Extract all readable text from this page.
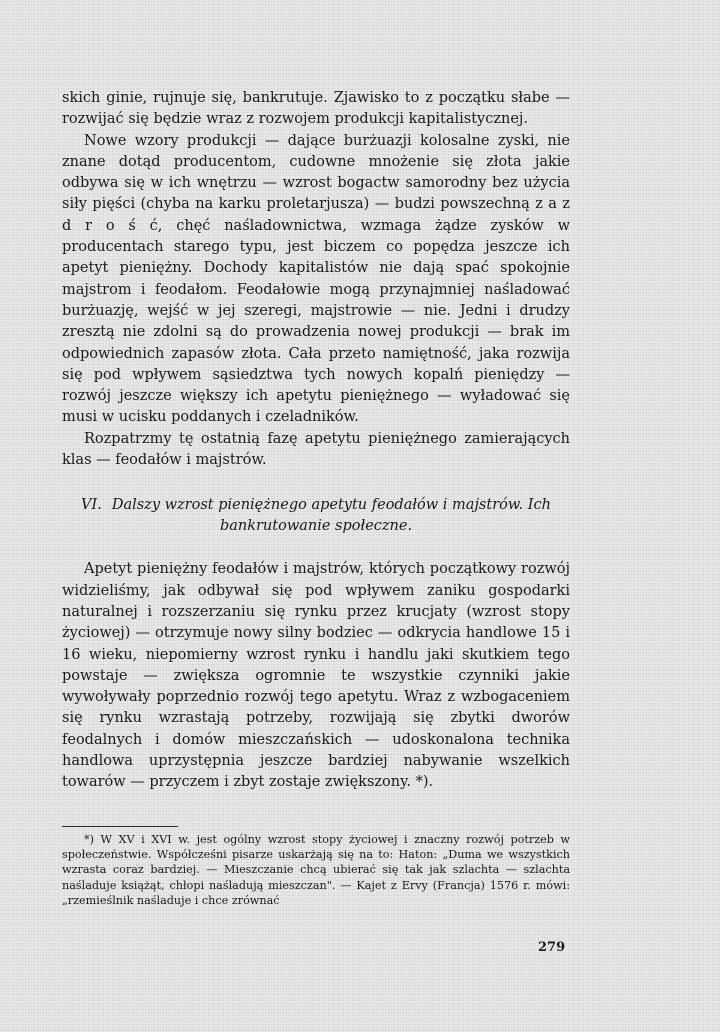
skich ginie, rujnuje się, bankrutuje. Zjawisko to z początku słabe — rozwijać się będzie wraz z rozwojem produkcji kapitalistycznej.

Nowe wzory produkcji — dające burżuazji kolosalne zyski, nie znane dotąd producentom, cudowne mnożenie się złota jakie odbywa się w ich wnętrzu — wzrost bogactw samorodny bez użycia siły pięści (chyba na karku proletarjusza) — budzi powszechną z a z d r o ś ć, chęć naśladownictwa, wzmaga żądze zysków w producentach starego typu, jest biczem co popędza jeszcze ich apetyt pieniężny. Dochody kapitalistów nie dają spać spokojnie majstrom i feodałom. Feodałowie mogą przynajmniej naśladować burżuazję, wejść w jej szeregi, majstrowie — nie. Jedni i drudzy zresztą nie zdolni są do prowadzenia nowej produkcji — brak im odpowiednich zapasów złota. Cała przeto namiętność, jaka rozwija się pod wpływem sąsiedztwa tych nowych kopalń pieniędzy — rozwój jeszcze większy ich apetytu pieniężnego — wyładować się musi w ucisku poddanych i czeladników.

Rozpatrzmy tę ostatnią fazę apetytu pieniężnego zamierających klas — feodałów i majstrów.

VI. Dalszy wzrost pieniężnego apetytu feodałów i majstrów. Ich bankrutowanie społeczne.

Apetyt pieniężny feodałów i majstrów, których początkowy rozwój widzieliśmy, jak odbywał się pod wpływem zaniku gospodarki naturalnej i rozszerzaniu się rynku przez krucjaty (wzrost stopy życiowej) — otrzymuje nowy silny bodziec — odkrycia handlowe 15 i 16 wieku, niepomierny wzrost rynku i handlu jaki skutkiem tego powstaje — zwiększa ogromnie te wszystkie czynniki jakie wywoływały poprzednio rozwój tego apetytu. Wraz z wzbogaceniem się rynku wzrastają potrzeby, rozwijają się zbytki dworów feodalnych i domów mieszczańskich — udoskonalona technika handlowa uprzystępnia jeszcze bardziej nabywanie wszelkich towarów — przyczem i zbyt zostaje zwiększony. *).

*) W XV i XVI w. jest ogólny wzrost stopy życiowej i znaczny rozwój potrzeb w społeczeństwie. Współcześni pisarze uskarżają się na to: Haton: „Duma we wszystkich wzrasta coraz bardziej. — Mieszczanie chcą ubierać się tak jak szlachta — szlachta naśladuje książąt, chłopi naśladują mieszczan". — Kajet z Ervy (Francja) 1576 r. mówi: „rzemieślnik naśladuje i chce zrównać

279
